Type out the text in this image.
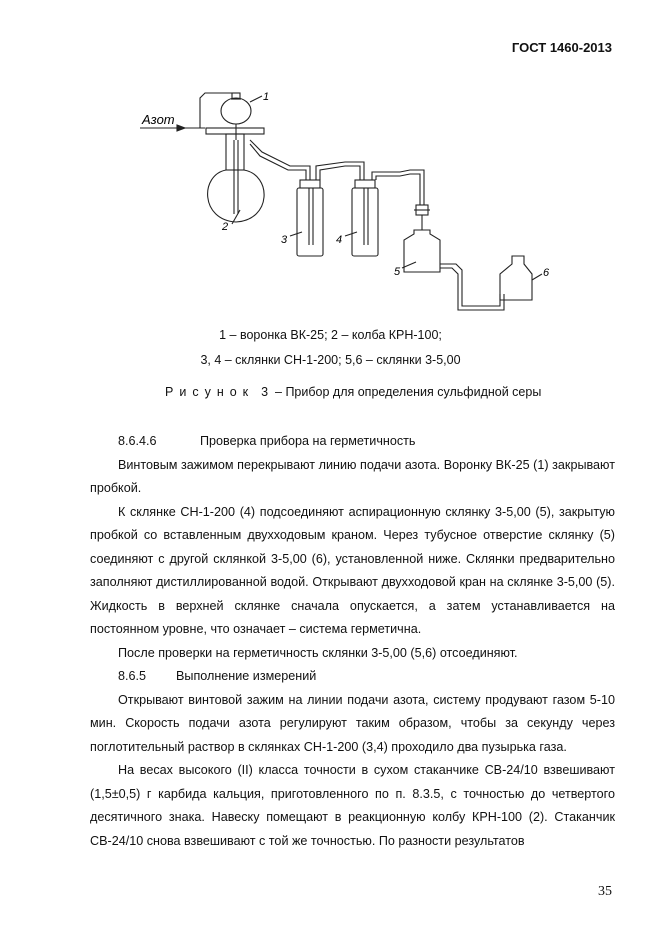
ГОСТ 1460-2013
Азот
1
2
3	4
5	6
1 – воронка ВК-25; 2 – колба КРН-100;
3, 4 – склянки СН-1-200; 5,6 – склянки 3-5,00
Рисунок 3 – Прибор для определения сульфидной серы

8.6.4.6	Проверка прибора на герметичность

Винтовым зажимом перекрывают линию подачи азота. Воронку ВК-25 (1) закрывают пробкой.

К склянке СН-1-200 (4) подсоединяют аспирационную склянку 3-5,00 (5), закрытую пробкой со вставленным двухходовым краном. Через тубусное отверстие склянку (5) соединяют с другой склянкой 3-5,00 (6), установленной ниже. Склянки предварительно заполняют дистиллированной водой. Открывают двухходовой кран на склянке 3-5,00 (5). Жидкость в верхней склянке сначала опускается, а затем устанавливается на постоянном уровне, что означает – система герметична.

После проверки на герметичность склянки 3-5,00 (5,6) отсоединяют.

8.6.5 Выполнение измерений

Открывают винтовой зажим на линии подачи азота, систему продувают газом 5-10 мин. Скорость подачи азота регулируют таким образом, чтобы за секунду через поглотительный раствор в склянках СН-1-200 (3,4) проходило два пузырька газа.

На весах высокого (II) класса точности в сухом стаканчике СВ-24/10 взвешивают (1,5±0,5) г карбида кальция, приготовленного по п. 8.3.5, с точностью до четвертого десятичного знака. Навеску помещают в реакционную колбу КРН-100 (2). Стаканчик СВ-24/10 снова взвешивают с той же точностью. По разности результатов

35
